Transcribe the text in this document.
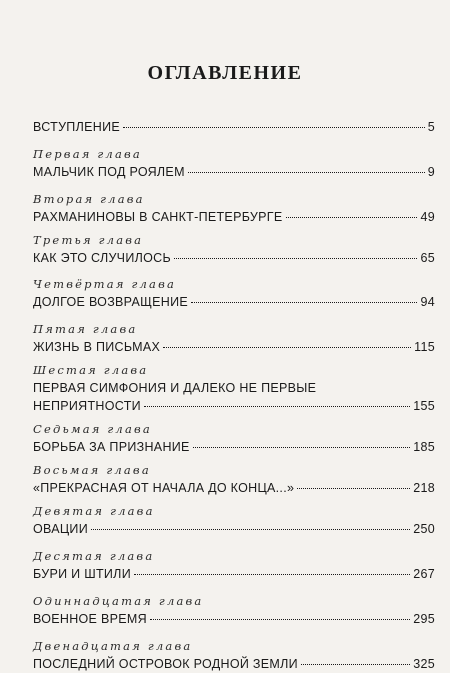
ОГЛАВЛЕНИЕ
ВСТУПЛЕНИЕ	5
Первая глава
МАЛЬЧИК ПОД РОЯЛЕМ	9
Вторая глава
РАХМАНИНОВЫ В САНКТ-ПЕТЕРБУРГЕ	49
Третья глава
КАК ЭТО СЛУЧИЛОСЬ	65
Четвёртая глава
ДОЛГОЕ ВОЗВРАЩЕНИЕ	94
Пятая глава
ЖИЗНЬ В ПИСЬМАХ	115
Шестая глава
ПЕРВАЯ СИМФОНИЯ И ДАЛЕКО НЕ ПЕРВЫЕ
НЕПРИЯТНОСТИ	155
Седьмая глава
БОРЬБА ЗА ПРИЗНАНИЕ	185
Восьмая глава
«ПРЕКРАСНАЯ ОТ НАЧАЛА ДО КОНЦА...»	218
Девятая глава
ОВАЦИИ	250
Десятая глава
БУРИ И ШТИЛИ	267
Одиннадцатая глава
ВОЕННОЕ ВРЕМЯ	295
Двенадцатая глава
ПОСЛЕДНИЙ ОСТРОВОК РОДНОЙ ЗЕМЛИ	325
